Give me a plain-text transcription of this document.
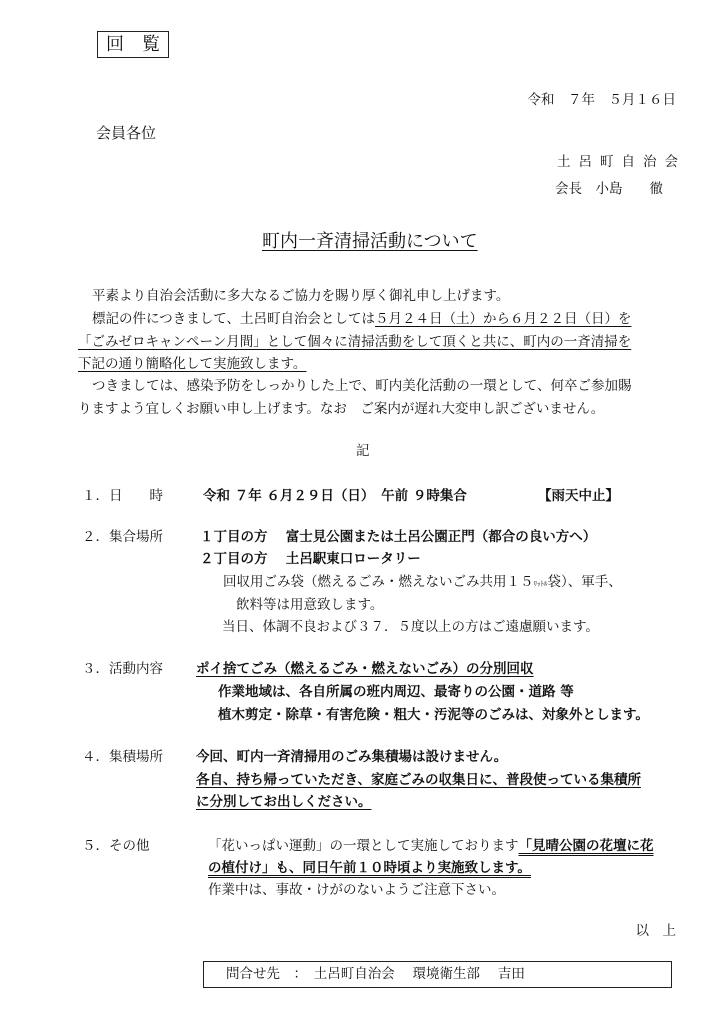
回　覧
令和　７年　５月１６日
会員各位
土呂町自治会
会長　小島　　徹
町内一斉清掃活動について
平素より自治会活動に多大なるご協力を賜り厚く御礼申し上げます。
標記の件につきまして、土呂町自治会としては５月２４日（土）から６月２２日（日）を
「ごみゼロキャンペーン月間」として個々に清掃活動をして頂くと共に、町内の一斉清掃を
下記の通り簡略化して実施致します。
つきましては、感染予防をしっかりした上で、町内美化活動の一環として、何卒ご参加賜
りますよう宜しくお願い申し上げます。なお　ご案内が遅れ大変申し訳ございません。
記
１．日　　時	令和 ７年 ６月２９日（日）　午前 ９時集合	【雨天中止】
２．集合場所	１丁目の方　 富士見公園または土呂公園正門（都合の良い方へ）
２丁目の方　 土呂駅東口ロータリー
回収用ごみ袋（燃えるごみ・燃えないごみ共用１５ﾘｯﾄﾙ袋）、軍手、
飲料等は用意致します。
当日、体調不良および３７．５度以上の方はご遠慮願います。
３．活動内容	ポイ捨てごみ（燃えるごみ・燃えないごみ）の分別回収
作業地域は、各自所属の班内周辺、最寄りの公園・道路 等
植木剪定・除草・有害危険・粗大・汚泥等のごみは、対象外とします。
４．集積場所	今回、町内一斉清掃用のごみ集積場は設けません。
各自、持ち帰っていただき、家庭ごみの収集日に、普段使っている集積所
に分別してお出しください。
５．その他	「花いっぱい運動」の一環として実施しております「見晴公園の花壇に花
の植付け」も、同日午前１０時頃より実施致します。
作業中は、事故・けがのないようご注意下さい。
以　上
問合せ先　：　土呂町自治会　 環境衛生部　 吉田
